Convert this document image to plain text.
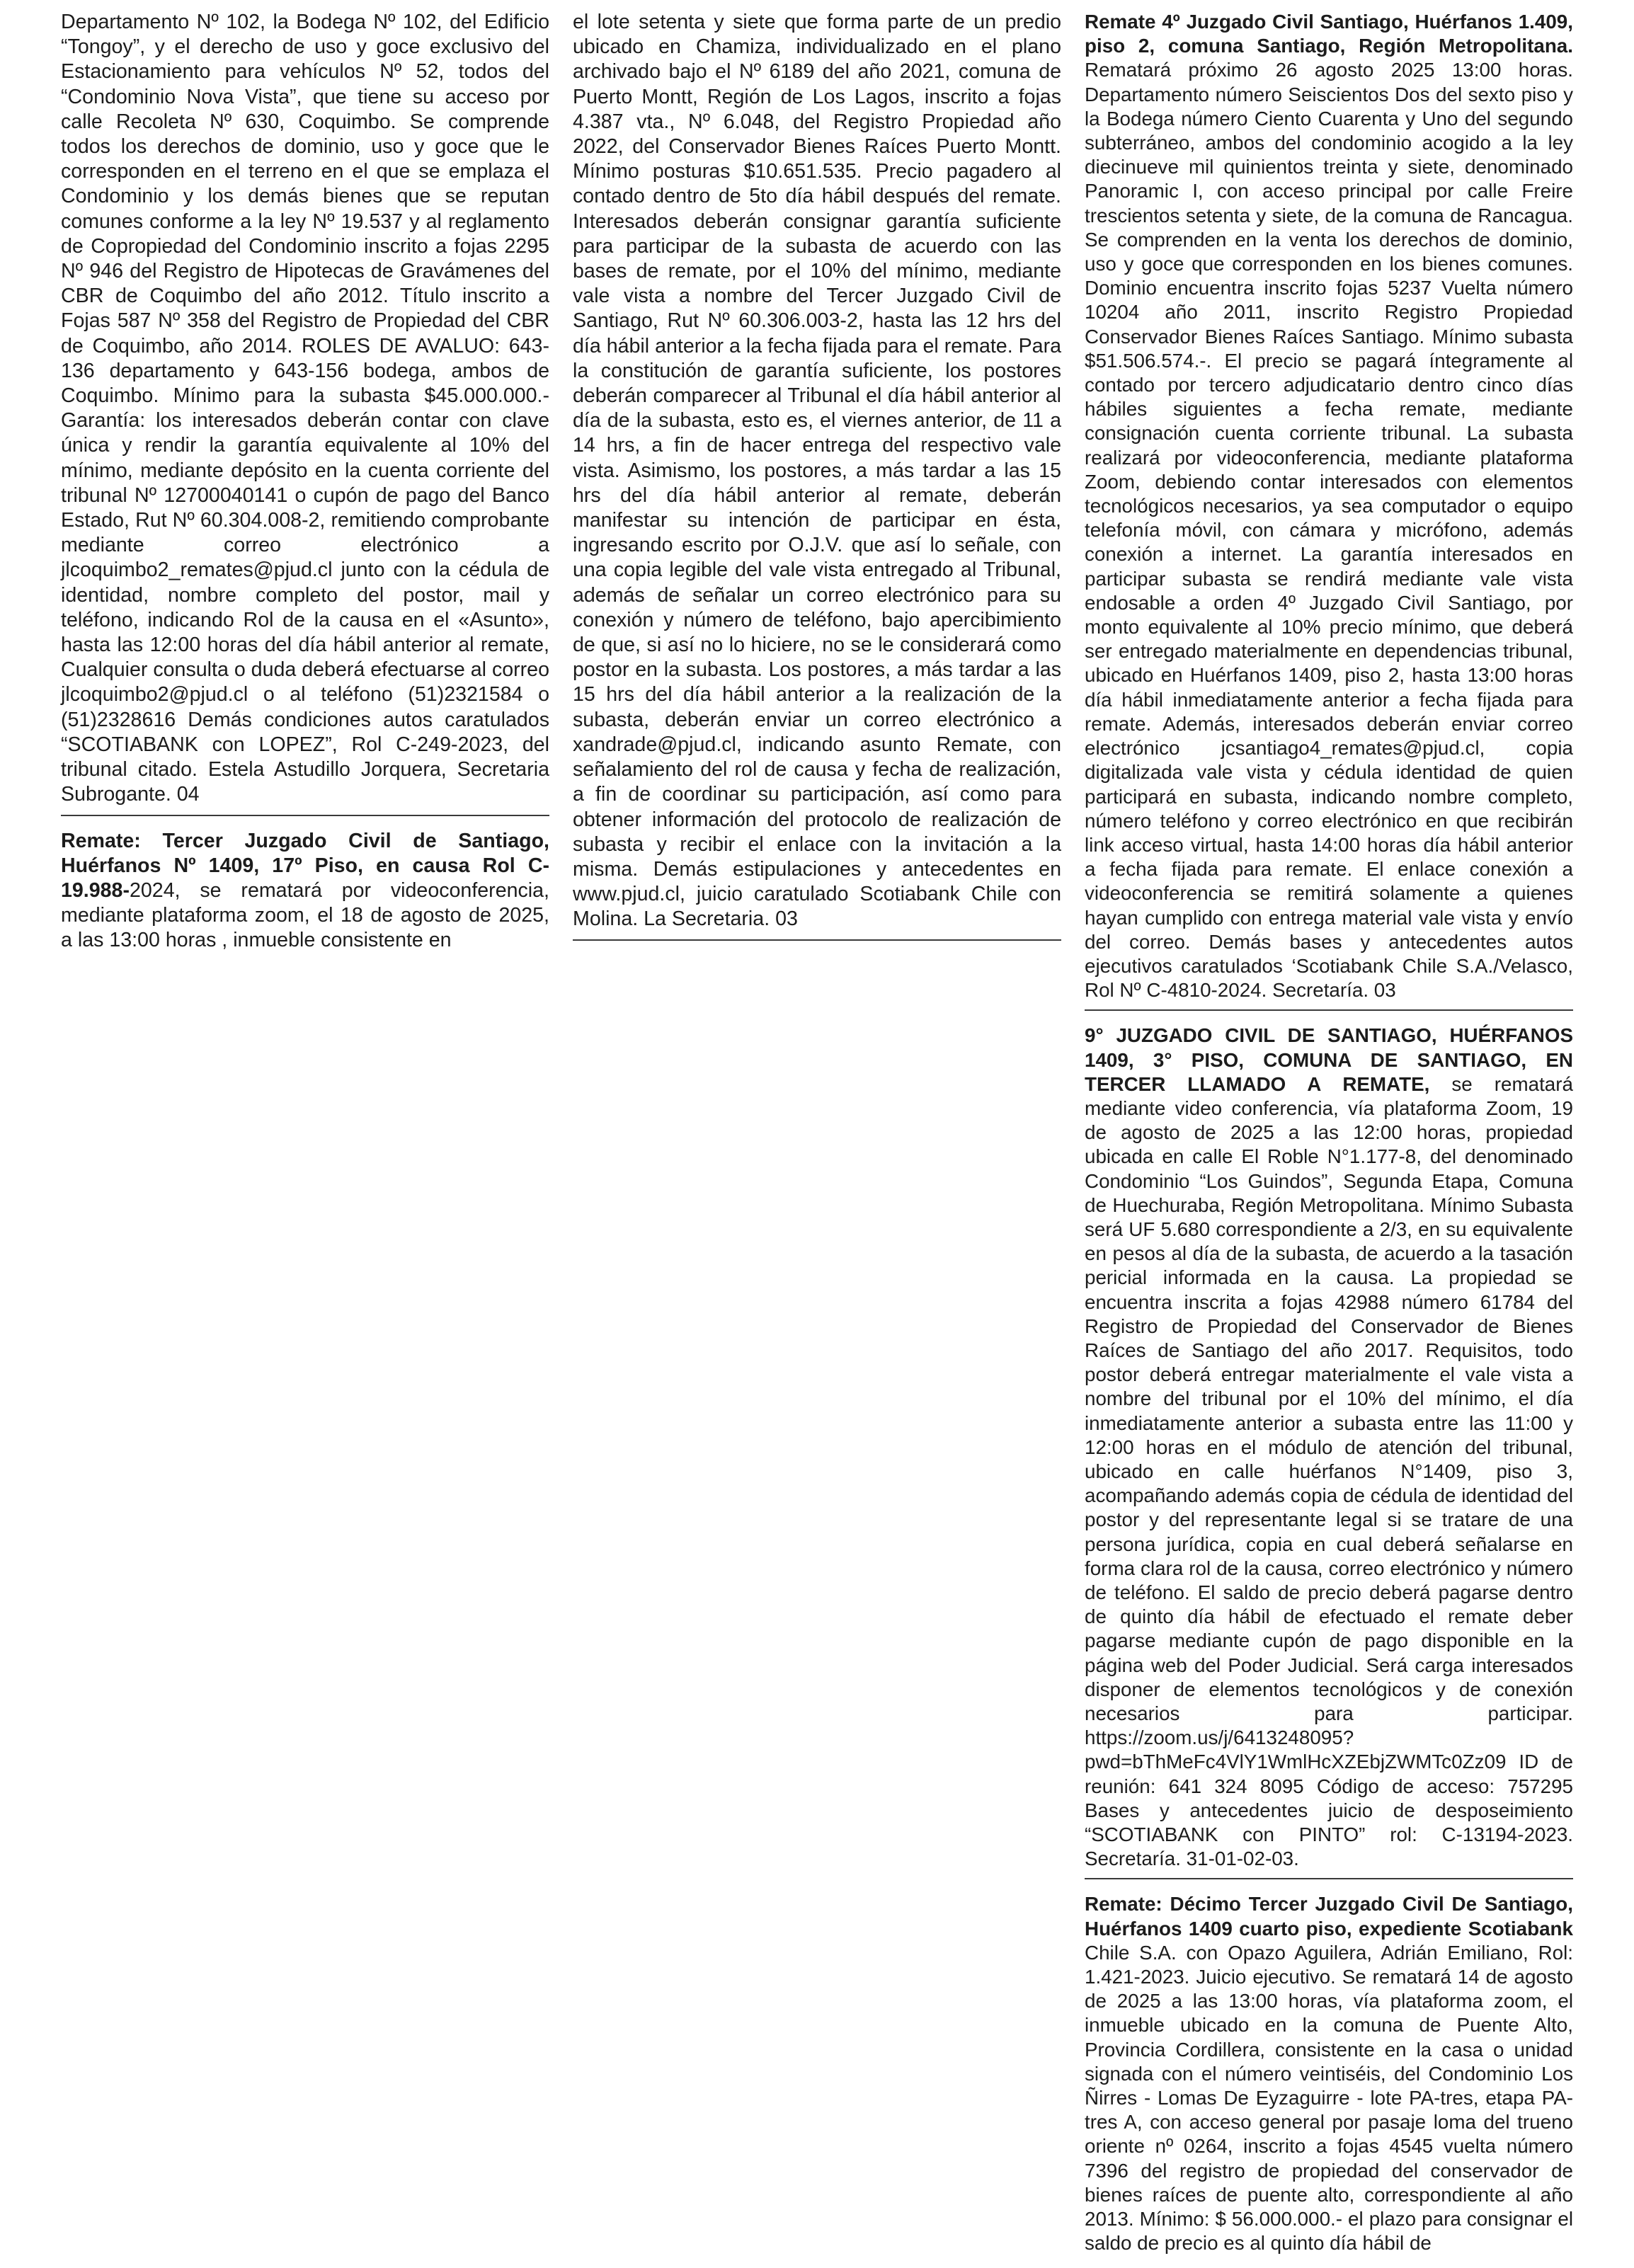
Departamento Nº 102, la Bodega Nº 102, del Edificio “Tongoy”, y el derecho de uso y goce exclusivo del Estacionamiento para vehículos Nº 52, todos del “Condominio Nova Vista”, que tiene su acceso por calle Recoleta Nº 630, Coquimbo. Se comprende todos los derechos de dominio, uso y goce que le corresponden en el terreno en el que se emplaza el Condominio y los demás bienes que se reputan comunes conforme a la ley Nº 19.537 y al reglamento de Copropiedad del Condominio inscrito a fojas 2295 Nº 946 del Registro de Hipotecas de Gravámenes del CBR de Coquimbo del año 2012. Título inscrito a Fojas 587 Nº 358 del Registro de Propiedad del CBR de Coquimbo, año 2014. ROLES DE AVALUO: 643-136 departamento y 643-156 bodega, ambos de Coquimbo. Mínimo para la subasta $45.000.000.- Garantía: los interesados deberán contar con clave única y rendir la garantía equivalente al 10% del mínimo, mediante depósito en la cuenta corriente del tribunal Nº 12700040141 o cupón de pago del Banco Estado, Rut Nº 60.304.008-2, remitiendo comprobante mediante correo electrónico a jlcoquimbo2_remates@pjud.cl junto con la cédula de identidad, nombre completo del postor, mail y teléfono, indicando Rol de la causa en el «Asunto», hasta las 12:00 horas del día hábil anterior al remate, Cualquier consulta o duda deberá efectuarse al correo jlcoquimbo2@pjud.cl o al teléfono (51)2321584 o (51)2328616 Demás condiciones autos caratulados “SCOTIABANK con LOPEZ”, Rol C-249-2023, del tribunal citado. Estela Astudillo Jorquera, Secretaria Subrogante. 04

Remate: Tercer Juzgado Civil de Santiago, Huérfanos Nº 1409, 17º Piso, en causa Rol C-19.988-2024, se rematará por videoconferencia, mediante plataforma zoom, el 18 de agosto de 2025, a las 13:00 horas , inmueble consistente en

el lote setenta y siete que forma parte de un predio ubicado en Chamiza, individualizado en el plano archivado bajo el Nº 6189 del año 2021, comuna de Puerto Montt, Región de Los Lagos, inscrito a fojas 4.387 vta., Nº 6.048, del Registro Propiedad año 2022, del Conservador Bienes Raíces Puerto Montt. Mínimo posturas $10.651.535. Precio pagadero al contado dentro de 5to día hábil después del remate. Interesados deberán consignar garantía suficiente para participar de la subasta de acuerdo con las bases de remate, por el 10% del mínimo, mediante vale vista a nombre del Tercer Juzgado Civil de Santiago, Rut Nº 60.306.003-2, hasta las 12 hrs del día hábil anterior a la fecha fijada para el remate. Para la constitución de garantía suficiente, los postores deberán comparecer al Tribunal el día hábil anterior al día de la subasta, esto es, el viernes anterior, de 11 a 14 hrs, a fin de hacer entrega del respectivo vale vista. Asimismo, los postores, a más tardar a las 15 hrs del día hábil anterior al remate, deberán manifestar su intención de participar en ésta, ingresando escrito por O.J.V. que así lo señale, con una copia legible del vale vista entregado al Tribunal, además de señalar un correo electrónico para su conexión y número de teléfono, bajo apercibimiento de que, si así no lo hiciere, no se le considerará como postor en la subasta. Los postores, a más tardar a las 15 hrs del día hábil anterior a la realización de la subasta, deberán enviar un correo electrónico a xandrade@pjud.cl, indicando asunto Remate, con señalamiento del rol de causa y fecha de realización, a fin de coordinar su participación, así como para obtener información del protocolo de realización de subasta y recibir el enlace con la invitación a la misma. Demás estipulaciones y antecedentes en www.pjud.cl, juicio caratulado Scotiabank Chile con Molina. La Secretaria. 03

Remate 4º Juzgado Civil Santiago, Huérfanos 1.409, piso 2, comuna Santiago, Región Metropolitana. Rematará próximo 26 agosto 2025 13:00 horas. Departamento número Seiscientos Dos del sexto piso y la Bodega número Ciento Cuarenta y Uno del segundo subterráneo, ambos del condominio acogido a la ley diecinueve mil quinientos treinta y siete, denominado Panoramic I, con acceso principal por calle Freire trescientos setenta y siete, de la comuna de Rancagua. Se comprenden en la venta los derechos de dominio, uso y goce que corresponden en los bienes comunes. Dominio encuentra inscrito fojas 5237 Vuelta número 10204 año 2011, inscrito Registro Propiedad Conservador Bienes Raíces Santiago. Mínimo subasta $51.506.574.-. El precio se pagará íntegramente al contado por tercero adjudicatario dentro cinco días hábiles siguientes a fecha remate, mediante consignación cuenta corriente tribunal. La subasta realizará por videoconferencia, mediante plataforma Zoom, debiendo contar interesados con elementos tecnológicos necesarios, ya sea computador o equipo telefonía móvil, con cámara y micrófono, además conexión a internet. La garantía interesados en participar subasta se rendirá mediante vale vista endosable a orden 4º Juzgado Civil Santiago, por monto equivalente al 10% precio mínimo, que deberá ser entregado materialmente en dependencias tribunal, ubicado en Huérfanos 1409, piso 2, hasta 13:00 horas día hábil inmediatamente anterior a fecha fijada para remate. Además, interesados deberán enviar correo electrónico jcsantiago4_remates@pjud.cl, copia digitalizada vale vista y cédula identidad de quien participará en subasta, indicando nombre completo, número teléfono y correo electrónico en que recibirán link acceso virtual, hasta 14:00 horas día hábil anterior a fecha fijada para remate. El enlace conexión a videoconferencia se remitirá solamente a quienes hayan cumplido con entrega material vale vista y envío del correo. Demás bases y antecedentes autos ejecutivos caratulados ‘Scotiabank Chile S.A./Velasco, Rol Nº C-4810-2024. Secretaría. 03

9° JUZGADO CIVIL DE SANTIAGO, HUÉRFANOS 1409, 3° PISO, COMUNA DE SANTIAGO, EN TERCER LLAMADO A REMATE, se rematará mediante video conferencia, vía plataforma Zoom, 19 de agosto de 2025 a las 12:00 horas, propiedad ubicada en calle El Roble N°1.177-8, del denominado Condominio “Los Guindos”, Segunda Etapa, Comuna de Huechuraba, Región Metropolitana. Mínimo Subasta será UF 5.680 correspondiente a 2/3, en su equivalente en pesos al día de la subasta, de acuerdo a la tasación pericial informada en la causa. La propiedad se encuentra inscrita a fojas 42988 número 61784 del Registro de Propiedad del Conservador de Bienes Raíces de Santiago del año 2017. Requisitos, todo postor deberá entregar materialmente el vale vista a nombre del tribunal por el 10% del mínimo, el día inmediatamente anterior a subasta entre las 11:00 y 12:00 horas en el módulo de atención del tribunal, ubicado en calle huérfanos N°1409, piso 3, acompañando además copia de cédula de identidad del postor y del representante legal si se tratare de una persona jurídica, copia en cual deberá señalarse en forma clara rol de la causa, correo electrónico y número de teléfono. El saldo de precio deberá pagarse dentro de quinto día hábil de efectuado el remate deber pagarse mediante cupón de pago disponible en la página web del Poder Judicial. Será carga interesados disponer de elementos tecnológicos y de conexión necesarios para participar. https://zoom.us/j/6413248095?pwd=bThMeFc4VlY1WmlHcXZEbjZWMTc0Zz09 ID de reunión: 641 324 8095 Código de acceso: 757295 Bases y antecedentes juicio de desposeimiento “SCOTIABANK con PINTO” rol: C-13194-2023. Secretaría. 31-01-02-03.

Remate: Décimo Tercer Juzgado Civil De Santiago, Huérfanos 1409 cuarto piso, expediente Scotiabank Chile S.A. con Opazo Aguilera, Adrián Emiliano, Rol: 1.421-2023. Juicio ejecutivo. Se rematará 14 de agosto de 2025 a las 13:00 horas, vía plataforma zoom, el inmueble ubicado en la comuna de Puente Alto, Provincia Cordillera, consistente en la casa o unidad signada con el número veintiséis, del Condominio Los Ñirres - Lomas De Eyzaguirre - lote PA-tres, etapa PA-tres A, con acceso general por pasaje loma del trueno oriente nº 0264, inscrito a fojas 4545 vuelta número 7396 del registro de propiedad del conservador de bienes raíces de puente alto, correspondiente al año 2013. Mínimo: $ 56.000.000.- el plazo para consignar el saldo de precio es al quinto día hábil de
